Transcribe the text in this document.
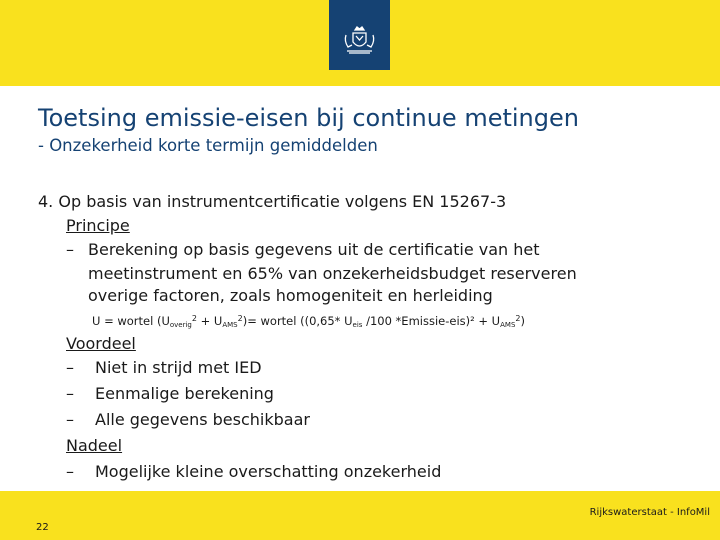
Toetsing emissie-eisen bij continue metingen
- Onzekerheid korte termijn gemiddelden
4. Op basis van instrumentcertificatie volgens EN 15267-3
Principe
– Berekening op basis gegevens uit de certificatie van het
meetinstrument en 65% van onzekerheidsbudget reserveren
overige factoren, zoals homogeniteit en herleiding
U = wortel $(U_{overig}^2 + U_{AMS}^2)=$ wortel ((0,65* $U_{eis}$ /100 *Emissie-eis)² + $U_{AMS}^2$)
Voordeel
– Niet in strijd met IED
– Eenmalige berekening
– Alle gegevens beschikbaar
Nadeel
– Mogelijke kleine overschatting onzekerheid
Rijkswaterstaat - InfoMil
22
